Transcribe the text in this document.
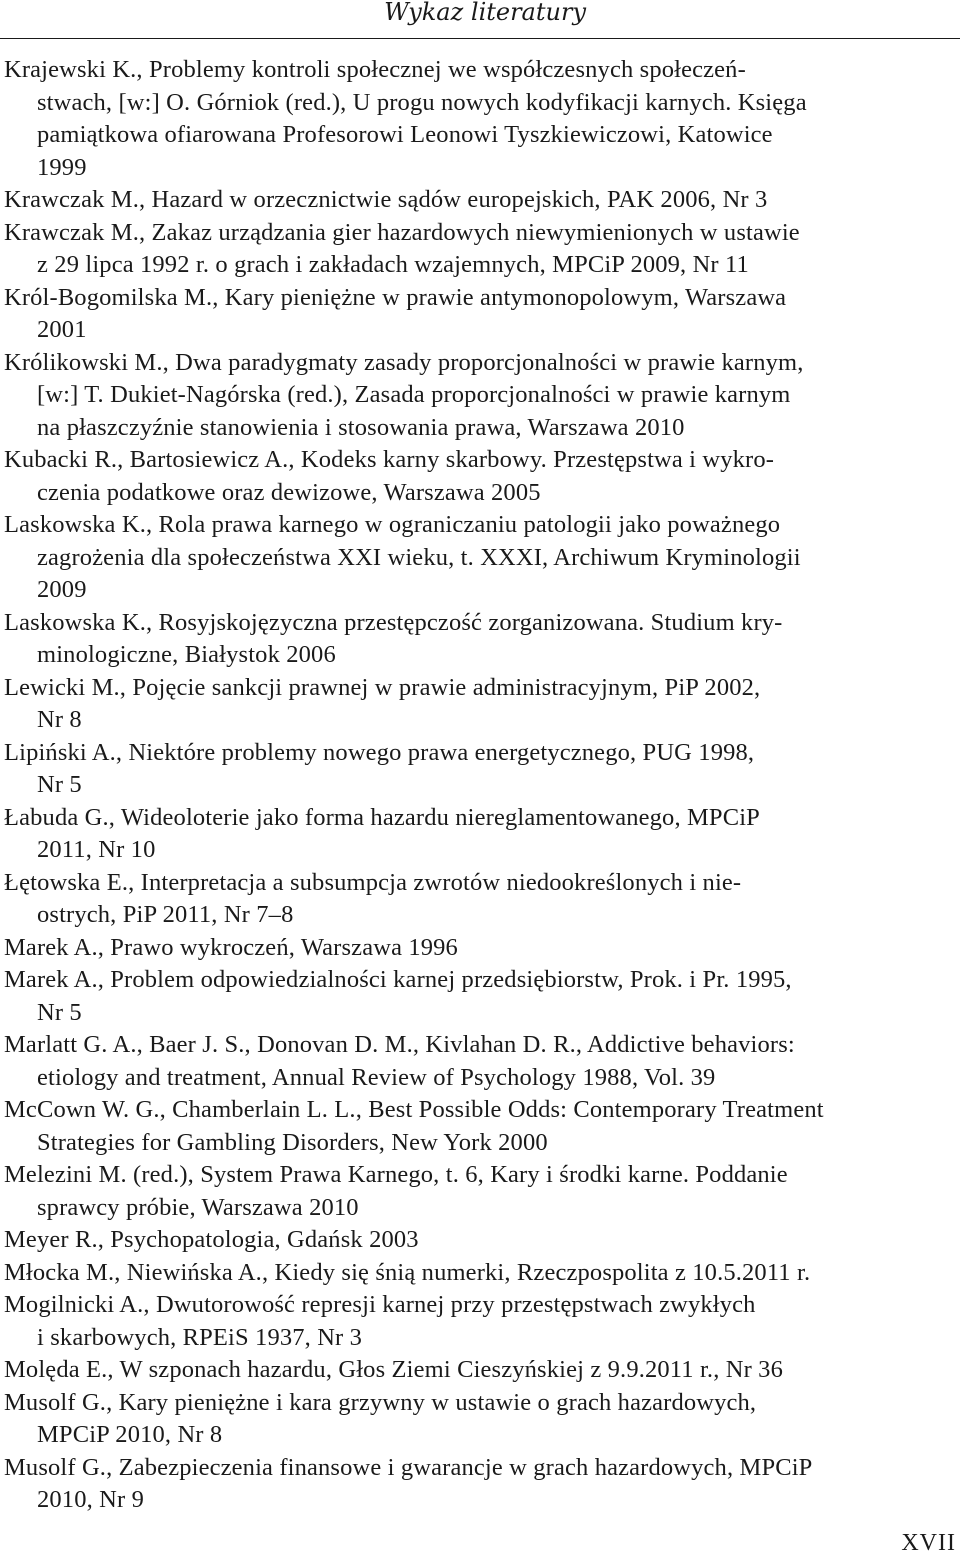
Wykaz literatury
Krajewski K., Problemy kontroli społecznej we współczesnych społeczeń-
stwach, [w:] O. Górniok (red.), U progu nowych kodyfikacji karnych. Księga
pamiątkowa ofiarowana Profesorowi Leonowi Tyszkiewiczowi, Katowice
1999
Krawczak M., Hazard w orzecznictwie sądów europejskich, PAK 2006, Nr 3
Krawczak M., Zakaz urządzania gier hazardowych niewymienionych w ustawie
z 29 lipca 1992 r. o grach i zakładach wzajemnych, MPCiP 2009, Nr 11
Król-Bogomilska M., Kary pieniężne w prawie antymonopolowym, Warszawa
2001
Królikowski M., Dwa paradygmaty zasady proporcjonalności w prawie karnym,
[w:] T. Dukiet-Nagórska (red.), Zasada proporcjonalności w prawie karnym
na płaszczyźnie stanowienia i stosowania prawa, Warszawa 2010
Kubacki R., Bartosiewicz A., Kodeks karny skarbowy. Przestępstwa i wykro-
czenia podatkowe oraz dewizowe, Warszawa 2005
Laskowska K., Rola prawa karnego w ograniczaniu patologii jako poważnego
zagrożenia dla społeczeństwa XXI wieku, t. XXXI, Archiwum Kryminologii
2009
Laskowska K., Rosyjskojęzyczna przestępczość zorganizowana. Studium kry-
minologiczne, Białystok 2006
Lewicki M., Pojęcie sankcji prawnej w prawie administracyjnym, PiP 2002,
Nr 8
Lipiński A., Niektóre problemy nowego prawa energetycznego, PUG 1998,
Nr 5
Łabuda G., Wideoloterie jako forma hazardu niereglamentowanego, MPCiP
2011, Nr 10
Łętowska E., Interpretacja a subsumpcja zwrotów niedookreślonych i nie-
ostrych, PiP 2011, Nr 7–8
Marek A., Prawo wykroczeń, Warszawa 1996
Marek A., Problem odpowiedzialności karnej przedsiębiorstw, Prok. i Pr. 1995,
Nr 5
Marlatt G. A., Baer J. S., Donovan D. M., Kivlahan D. R., Addictive behaviors:
etiology and treatment, Annual Review of Psychology 1988, Vol. 39
McCown W. G., Chamberlain L. L., Best Possible Odds: Contemporary Treatment
Strategies for Gambling Disorders, New York 2000
Melezini M. (red.), System Prawa Karnego, t. 6, Kary i środki karne. Poddanie
sprawcy próbie, Warszawa 2010
Meyer R., Psychopatologia, Gdańsk 2003
Młocka M., Niewińska A., Kiedy się śnią numerki, Rzeczpospolita z 10.5.2011 r.
Mogilnicki A., Dwutorowość represji karnej przy przestępstwach zwykłych
i skarbowych, RPEiS 1937, Nr 3
Molęda E., W szponach hazardu, Głos Ziemi Cieszyńskiej z 9.9.2011 r., Nr 36
Musolf G., Kary pieniężne i kara grzywny w ustawie o grach hazardowych,
MPCiP 2010, Nr 8
Musolf G., Zabezpieczenia finansowe i gwarancje w grach hazardowych, MPCiP
2010, Nr 9
XVII
